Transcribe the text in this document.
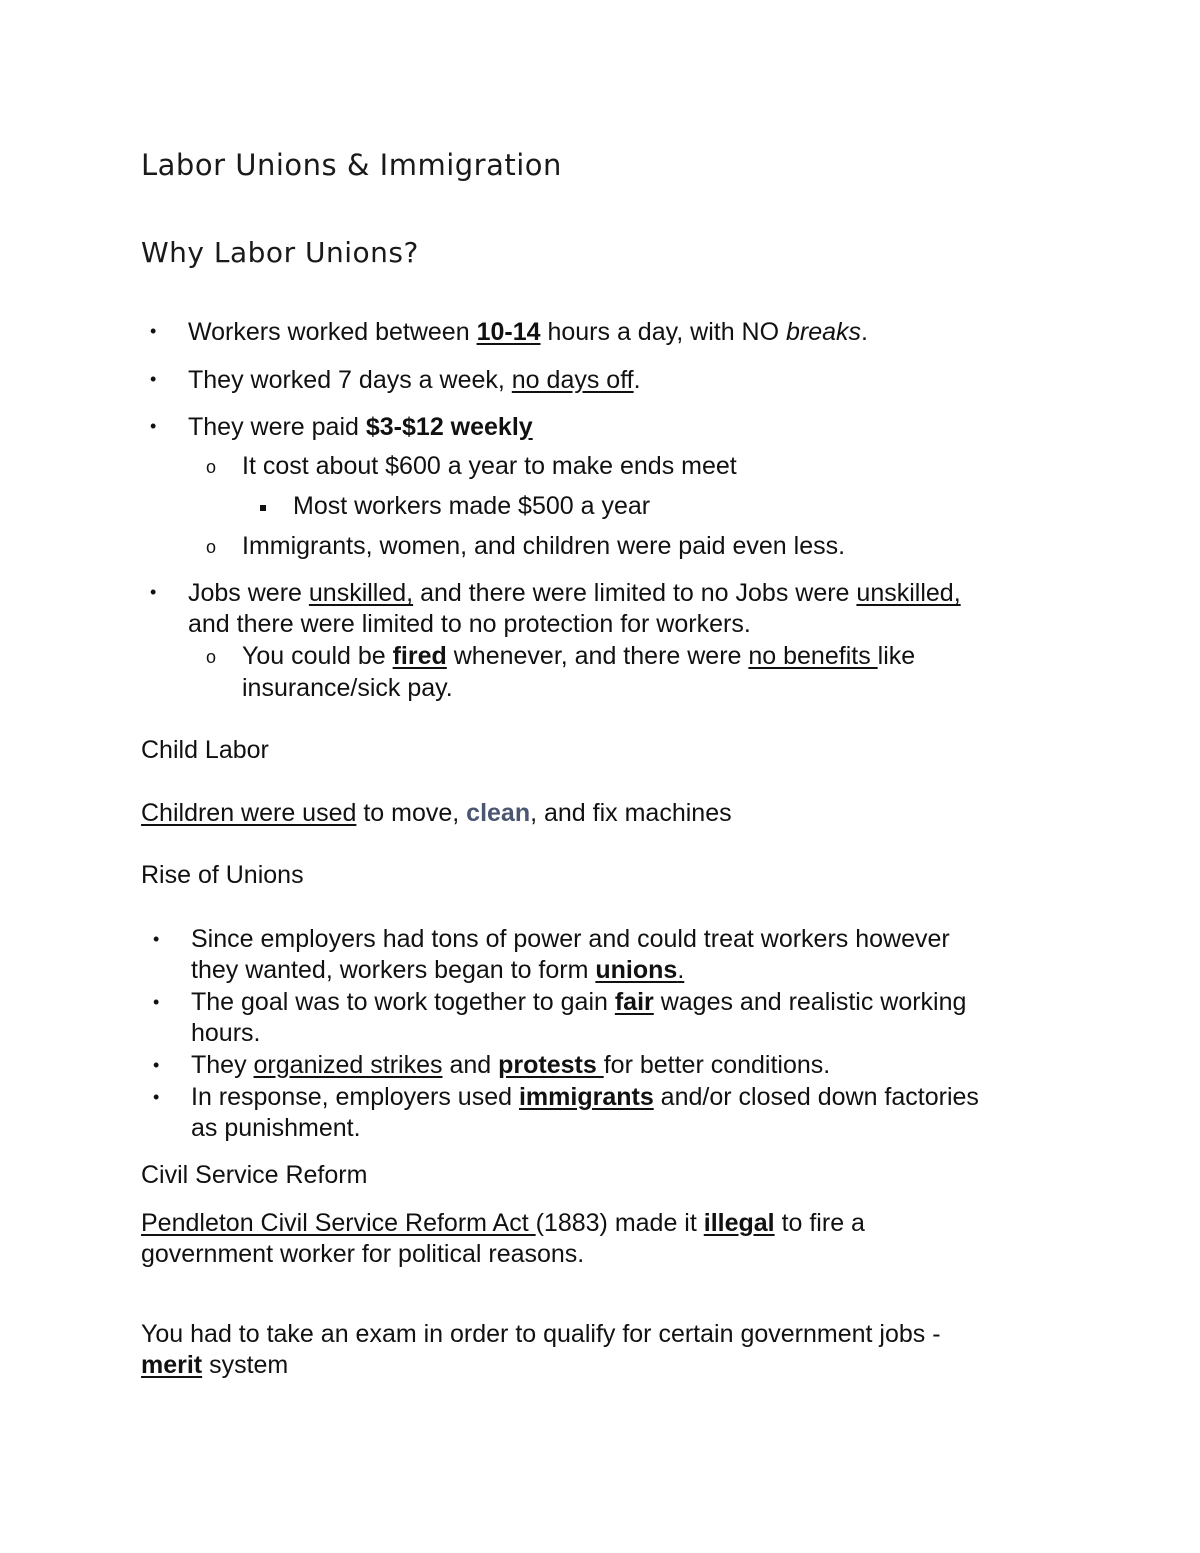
Labor Unions & Immigration
Why Labor Unions?
• Workers worked between 10-14 hours a day, with NO breaks.
• They worked 7 days a week, no days off.
• They were paid $3-$12 weekly
o It cost about $600 a year to make ends meet
Most workers made $500 a year
o Immigrants, women, and children were paid even less.
• Jobs were unskilled, and there were limited to no Jobs were unskilled,
and there were limited to no protection for workers.
o You could be fired whenever, and there were no benefits like
insurance/sick pay.
Child Labor
Children were used to move, clean, and fix machines
Rise of Unions
• Since employers had tons of power and could treat workers however
they wanted, workers began to form unions.
• The goal was to work together to gain fair wages and realistic working
hours.
• They organized strikes and protests for better conditions.
• In response, employers used immigrants and/or closed down factories
as punishment.
Civil Service Reform
Pendleton Civil Service Reform Act (1883) made it illegal to fire a
government worker for political reasons.
You had to take an exam in order to qualify for certain government jobs -
merit system
